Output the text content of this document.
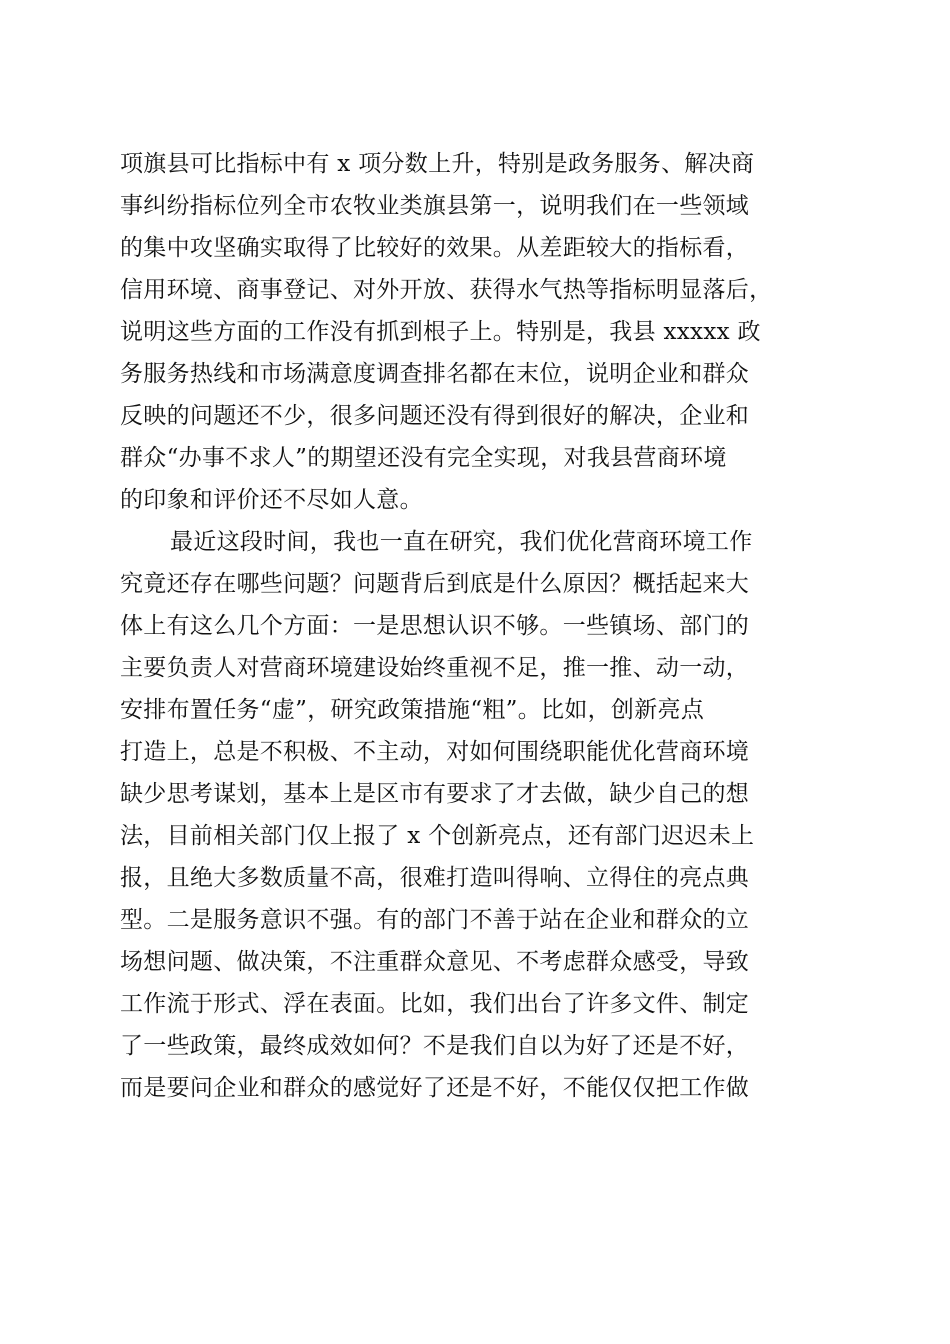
项旗县可比指标中有 x 项分数上升，特别是政务服务、解决商
事纠纷指标位列全市农牧业类旗县第一，说明我们在一些领域
的集中攻坚确实取得了比较好的效果。从差距较大的指标看，
信用环境、商事登记、对外开放、获得水气热等指标明显落后，
说明这些方面的工作没有抓到根子上。特别是，我县 xxxxx 政
务服务热线和市场满意度调查排名都在末位，说明企业和群众
反映的问题还不少，很多问题还没有得到很好的解决，企业和
群众“办事不求人”的期望还没有完全实现，对我县营商环境
的印象和评价还不尽如人意。
最近这段时间，我也一直在研究，我们优化营商环境工作
究竟还存在哪些问题？问题背后到底是什么原因？概括起来大
体上有这么几个方面：一是思想认识不够。一些镇场、部门的
主要负责人对营商环境建设始终重视不足，推一推、动一动，
安排布置任务“虚”，研究政策措施“粗”。比如，创新亮点
打造上，总是不积极、不主动，对如何围绕职能优化营商环境
缺少思考谋划，基本上是区市有要求了才去做，缺少自己的想
法，目前相关部门仅上报了 x 个创新亮点，还有部门迟迟未上
报，且绝大多数质量不高，很难打造叫得响、立得住的亮点典
型。二是服务意识不强。有的部门不善于站在企业和群众的立
场想问题、做决策，不注重群众意见、不考虑群众感受，导致
工作流于形式、浮在表面。比如，我们出台了许多文件、制定
了一些政策，最终成效如何？不是我们自以为好了还是不好，
而是要问企业和群众的感觉好了还是不好，不能仅仅把工作做
